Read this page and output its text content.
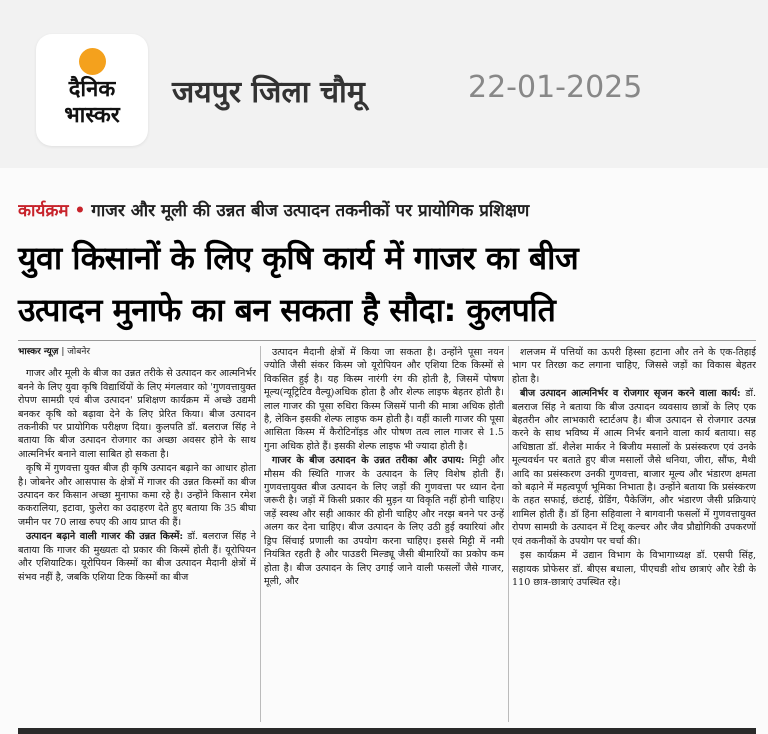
दैनिक
भास्कर
जयपुर जिला चौमू	22-01-2025
कार्यक्रम • गाजर और मूली की उन्नत बीज उत्पादन तकनीकों पर प्रायोगिक प्रशिक्षण
युवा किसानों के लिए कृषि कार्य में गाजर का बीज
उत्पादन मुनाफे का बन सकता है सौदा: कुलपति
भास्कर न्यूज़ | जोबनेर

गाजर और मूली के बीज का उन्नत तरीके से उत्पादन कर आत्मनिर्भर बनने के लिए युवा कृषि विद्यार्थियों के लिए मंगलवार को 'गुणवत्तायुक्त रोपण सामग्री एवं बीज उत्पादन' प्रशिक्षण कार्यक्रम में अच्छे उद्यमी बनकर कृषि को बढ़ावा देने के लिए प्रेरित किया। बीज उत्पादन तकनीकी पर प्रायोगिक परीक्षण दिया। कुलपति डॉ. बलराज सिंह ने बताया कि बीज उत्पादन रोजगार का अच्छा अवसर होने के साथ आत्मनिर्भर बनाने वाला साबित हो सकता है।

कृषि में गुणवत्ता युक्त बीज ही कृषि उत्पादन बढ़ाने का आधार होता है। जोबनेर और आसपास के क्षेत्रों में गाजर की उन्नत किस्मों का बीज उत्पादन कर किसान अच्छा मुनाफा कमा रहे है। उन्होंने किसान रमेश ककरालिया, इटावा, फुलेरा का उदाहरण देते हुए बताया कि 35 बीघा जमीन पर 70 लाख रुपए की आय प्राप्त की हैं।

उत्पादन बढ़ाने वाली गाजर की उन्नत किस्में: डॉ. बलराज सिंह ने बताया कि गाजर की मुख्यतः दो प्रकार की किस्में होती हैं। यूरोपियन और एशियाटिक। यूरोपियन किस्मों का बीज उत्पादन मैदानी क्षेत्रों में संभव नहीं है, जबकि एशिया टिक किस्मों का बीज

उत्पादन मैदानी क्षेत्रों में किया जा सकता है। उन्होंने पूसा नयन ज्योति जैसी संकर किस्म जो यूरोपियन और एशिया टिक किस्मों से विकसित हुई है। यह किस्म नारंगी रंग की होती है, जिसमें पोषण मूल्य(न्यूट्रिटिव वैल्यू)अधिक होता है और शेल्फ लाइफ बेहतर होती है। लाल गाजर की पूसा रुधिरा किस्म जिसमें पानी की मात्रा अधिक होती है, लेकिन इसकी शेल्फ लाइफ कम होती है। वहीं काली गाजर की पूसा आसिता किस्म में कैरोटिनॉइड और पोषण तत्व लाल गाजर से 1.5 गुना अधिक होते हैं। इसकी शेल्फ लाइफ भी ज्यादा होती है।

गाजर के बीज उत्पादन के उन्नत तरीका और उपाय: मिट्टी और मौसम की स्थिति गाजर के उत्पादन के लिए विशेष होती हैं। गुणवत्तायुक्त बीज उत्पादन के लिए जड़ों की गुणवत्ता पर ध्यान देना जरूरी है। जड़ों में किसी प्रकार की मुड़न या विकृति नहीं होनी चाहिए। जड़ें स्वस्थ और सही आकार की होनी चाहिए और नरझ बनने पर उन्हें अलग कर देना चाहिए। बीज उत्पादन के लिए उठी हुई क्यारियां और ड्रिप सिंचाई प्रणाली का उपयोग करना चाहिए। इससे मिट्टी में नमी नियंत्रित रहती है और पाउडरी मिल्ड्यू जैसी बीमारियों का प्रकोप कम होता है। बीज उत्पादन के लिए उगाई जाने वाली फसलों जैसे गाजर, मूली, और

शलजम में पत्तियों का ऊपरी हिस्सा हटाना और तने के एक-तिहाई भाग पर तिरछा कट लगाना चाहिए, जिससे जड़ों का विकास बेहतर होता है।

बीज उत्पादन आत्मनिर्भर व रोजगार सृजन करने वाला कार्य: डॉ. बलराज सिंह ने बताया कि बीज उत्पादन व्यवसाय छात्रों के लिए एक बेहतरीन और लाभकारी स्टार्टअप है। बीज उत्पादन से रोजगार उत्पन्न करने के साथ भविष्य में आत्म निर्भर बनाने वाला कार्य बताया। सह अधिष्ठाता डॉ. शैलेश मार्कर ने बिजीय मसालों के प्रसंस्करण एवं उनके मूल्यवर्धन पर बताते हुए बीज मसालों जैसे धनिया, जीरा, सौंफ, मैथी आदि का प्रसंस्करण उनकी गुणवत्ता, बाजार मूल्य और भंडारण क्षमता को बढ़ाने में महत्वपूर्ण भूमिका निभाता है। उन्होंने बताया कि प्रसंस्करण के तहत सफाई, छंटाई, ग्रेडिंग, पैकेजिंग, और भंडारण जैसी प्रक्रियाएं शामिल होती हैं। डॉ हिना सहिवाला ने बागवानी फसलों में गुणवत्तायुक्त रोपण सामग्री के उत्पादन में टिशू कल्चर और जैव प्रौद्योगिकी उपकरणों एवं तकनीकों के उपयोग पर चर्चा की।

इस कार्यक्रम में उद्यान विभाग के विभागाध्यक्ष डॉ. एसपी सिंह, सहायक प्रोफेसर डॉ. बीएस बधाला, पीएचडी शोध छात्राएं और रेडी के 110 छात्र-छात्राएं उपस्थित रहे।
